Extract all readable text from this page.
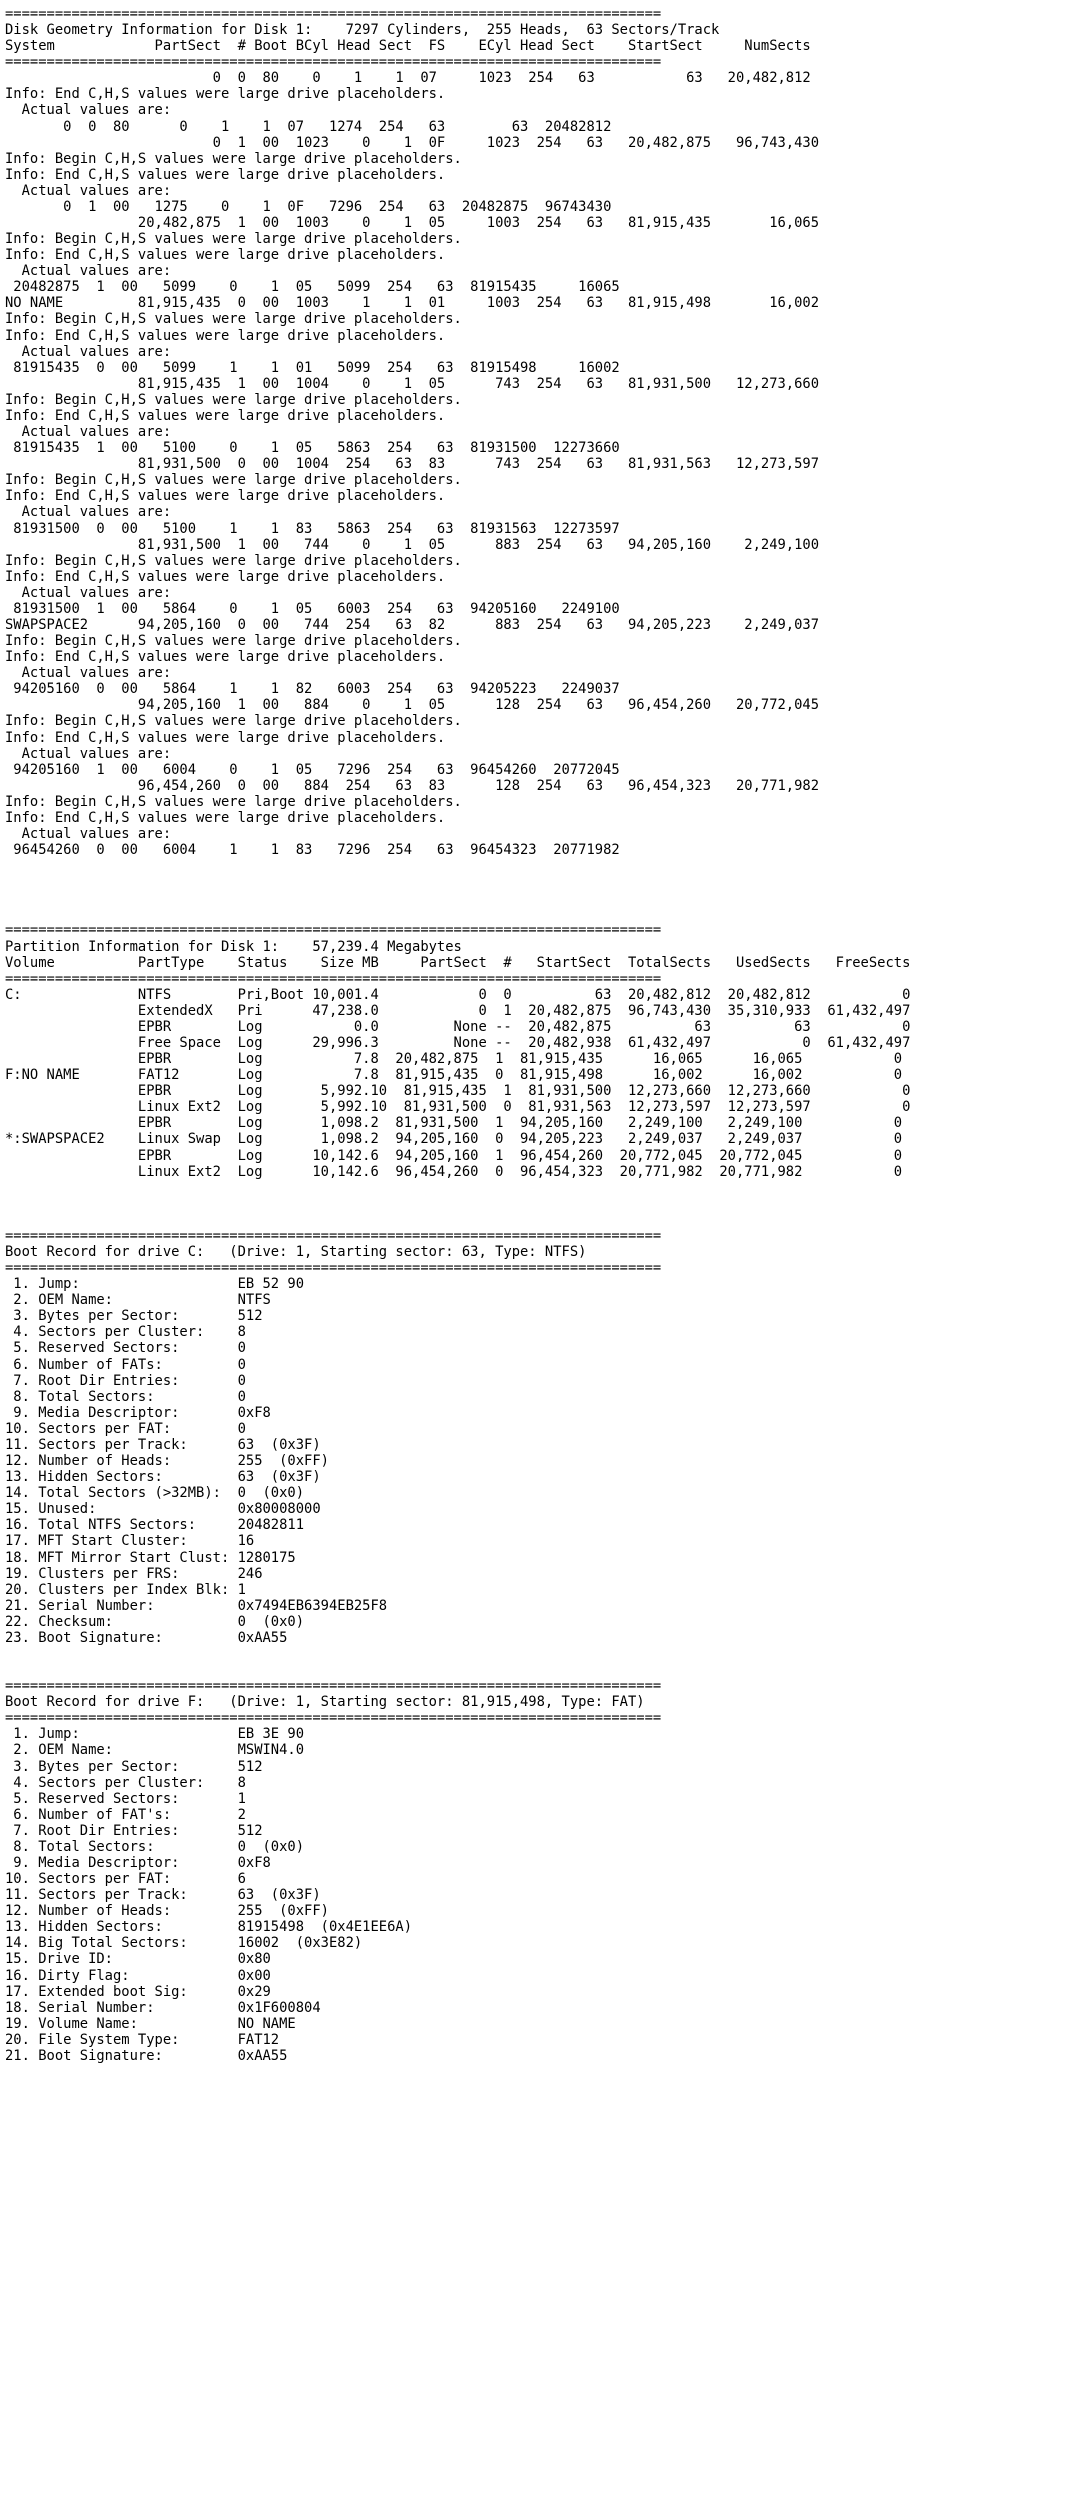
===============================================================================
Disk Geometry Information for Disk 1:    7297 Cylinders,  255 Heads,  63 Sectors/Track
System            PartSect  # Boot BCyl Head Sect  FS    ECyl Head Sect    StartSect     NumSects
===============================================================================
0  0  80    0    1    1  07     1023  254   63           63   20,482,812
Info: End C,H,S values were large drive placeholders.
Actual values are:
0  0  80      0    1    1  07   1274  254   63        63  20482812
0  1  00  1023    0    1  0F     1023  254   63   20,482,875   96,743,430
Info: Begin C,H,S values were large drive placeholders.
Info: End C,H,S values were large drive placeholders.
Actual values are:
0  1  00   1275    0    1  0F   7296  254   63  20482875  96743430
20,482,875  1  00  1003    0    1  05     1003  254   63   81,915,435       16,065
Info: Begin C,H,S values were large drive placeholders.
Info: End C,H,S values were large drive placeholders.
Actual values are:
20482875  1  00   5099    0    1  05   5099  254   63  81915435     16065
NO NAME         81,915,435  0  00  1003    1    1  01     1003  254   63   81,915,498       16,002
Info: Begin C,H,S values were large drive placeholders.
Info: End C,H,S values were large drive placeholders.
Actual values are:
81915435  0  00   5099    1    1  01   5099  254   63  81915498     16002
81,915,435  1  00  1004    0    1  05      743  254   63   81,931,500   12,273,660
Info: Begin C,H,S values were large drive placeholders.
Info: End C,H,S values were large drive placeholders.
Actual values are:
81915435  1  00   5100    0    1  05   5863  254   63  81931500  12273660
81,931,500  0  00  1004  254   63  83      743  254   63   81,931,563   12,273,597
Info: Begin C,H,S values were large drive placeholders.
Info: End C,H,S values were large drive placeholders.
Actual values are:
81931500  0  00   5100    1    1  83   5863  254   63  81931563  12273597
81,931,500  1  00   744    0    1  05      883  254   63   94,205,160    2,249,100
Info: Begin C,H,S values were large drive placeholders.
Info: End C,H,S values were large drive placeholders.
Actual values are:
81931500  1  00   5864    0    1  05   6003  254   63  94205160   2249100
SWAPSPACE2      94,205,160  0  00   744  254   63  82      883  254   63   94,205,223    2,249,037
Info: Begin C,H,S values were large drive placeholders.
Info: End C,H,S values were large drive placeholders.
Actual values are:
94205160  0  00   5864    1    1  82   6003  254   63  94205223   2249037
94,205,160  1  00   884    0    1  05      128  254   63   96,454,260   20,772,045
Info: Begin C,H,S values were large drive placeholders.
Info: End C,H,S values were large drive placeholders.
Actual values are:
94205160  1  00   6004    0    1  05   7296  254   63  96454260  20772045
96,454,260  0  00   884  254   63  83      128  254   63   96,454,323   20,771,982
Info: Begin C,H,S values were large drive placeholders.
Info: End C,H,S values were large drive placeholders.
Actual values are:
96454260  0  00   6004    1    1  83   7296  254   63  96454323  20771982
===============================================================================
Partition Information for Disk 1:    57,239.4 Megabytes
Volume          PartType    Status    Size MB     PartSect  #   StartSect  TotalSects   UsedSects   FreeSects
===============================================================================
C:              NTFS        Pri,Boot 10,001.4            0  0          63  20,482,812  20,482,812           0
ExtendedX   Pri      47,238.0            0  1  20,482,875  96,743,430  35,310,933  61,432,497
EPBR        Log           0.0         None --  20,482,875          63          63           0
Free Space  Log      29,996.3         None --  20,482,938  61,432,497           0  61,432,497
EPBR        Log           7.8  20,482,875  1  81,915,435      16,065      16,065           0
F:NO NAME       FAT12       Log           7.8  81,915,435  0  81,915,498      16,002      16,002           0
EPBR        Log       5,992.10  81,915,435  1  81,931,500  12,273,660  12,273,660           0
Linux Ext2  Log       5,992.10  81,931,500  0  81,931,563  12,273,597  12,273,597           0
EPBR        Log       1,098.2  81,931,500  1  94,205,160   2,249,100   2,249,100           0
*:SWAPSPACE2    Linux Swap  Log       1,098.2  94,205,160  0  94,205,223   2,249,037   2,249,037           0
EPBR        Log      10,142.6  94,205,160  1  96,454,260  20,772,045  20,772,045           0
Linux Ext2  Log      10,142.6  96,454,260  0  96,454,323  20,771,982  20,771,982           0
===============================================================================
Boot Record for drive C:   (Drive: 1, Starting sector: 63, Type: NTFS)
===============================================================================
1. Jump:                   EB 52 90
2. OEM Name:               NTFS
3. Bytes per Sector:       512
4. Sectors per Cluster:    8
5. Reserved Sectors:       0
6. Number of FATs:         0
7. Root Dir Entries:       0
8. Total Sectors:          0
9. Media Descriptor:       0xF8
10. Sectors per FAT:        0
11. Sectors per Track:      63  (0x3F)
12. Number of Heads:        255  (0xFF)
13. Hidden Sectors:         63  (0x3F)
14. Total Sectors (>32MB):  0  (0x0)
15. Unused:                 0x80008000
16. Total NTFS Sectors:     20482811
17. MFT Start Cluster:      16
18. MFT Mirror Start Clust: 1280175
19. Clusters per FRS:       246
20. Clusters per Index Blk: 1
21. Serial Number:          0x7494EB6394EB25F8
22. Checksum:               0  (0x0)
23. Boot Signature:         0xAA55
===============================================================================
Boot Record for drive F:   (Drive: 1, Starting sector: 81,915,498, Type: FAT)
===============================================================================
1. Jump:                   EB 3E 90
2. OEM Name:               MSWIN4.0
3. Bytes per Sector:       512
4. Sectors per Cluster:    8
5. Reserved Sectors:       1
6. Number of FAT's:        2
7. Root Dir Entries:       512
8. Total Sectors:          0  (0x0)
9. Media Descriptor:       0xF8
10. Sectors per FAT:        6
11. Sectors per Track:      63  (0x3F)
12. Number of Heads:        255  (0xFF)
13. Hidden Sectors:         81915498  (0x4E1EE6A)
14. Big Total Sectors:      16002  (0x3E82)
15. Drive ID:               0x80
16. Dirty Flag:             0x00
17. Extended boot Sig:      0x29
18. Serial Number:          0x1F600804
19. Volume Name:            NO NAME
20. File System Type:       FAT12
21. Boot Signature:         0xAA55
